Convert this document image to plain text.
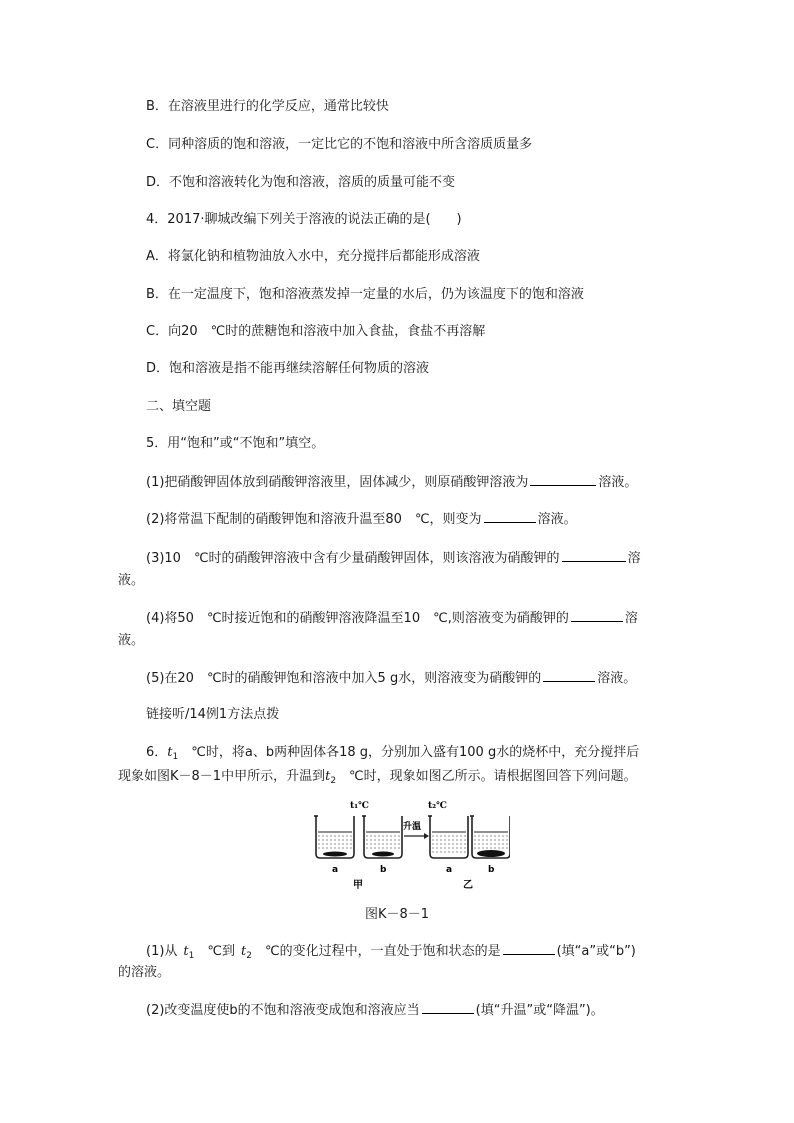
B．在溶液里进行的化学反应，通常比较快
C．同种溶质的饱和溶液，一定比它的不饱和溶液中所含溶质质量多
D．不饱和溶液转化为饱和溶液，溶质的质量可能不变
4．2017·聊城改编下列关于溶液的说法正确的是(　　)
A．将氯化钠和植物油放入水中，充分搅拌后都能形成溶液
B．在一定温度下，饱和溶液蒸发掉一定量的水后，仍为该温度下的饱和溶液
C．向20　℃时的蔗糖饱和溶液中加入食盐，食盐不再溶解
D．饱和溶液是指不能再继续溶解任何物质的溶液
二、填空题
5．用“饱和”或“不饱和”填空。
(1)把硝酸钾固体放到硝酸钾溶液里，固体减少，则原硝酸钾溶液为	溶液。
(2)将常温下配制的硝酸钾饱和溶液升温至80　℃，则变为	溶液。
(3)10　℃时的硝酸钾溶液中含有少量硝酸钾固体，则该溶液为硝酸钾的	溶
液。
(4)将50　℃时接近饱和的硝酸钾溶液降温至10　℃,则溶液变为硝酸钾的	溶
液。
(5)在20　℃时的硝酸钾饱和溶液中加入5 g水，则溶液变为硝酸钾的	溶液。
链接听/14例1方法点拨
6．$t_1$　℃时，将a、b两种固体各18 g，分别加入盛有100 g水的烧杯中，充分搅拌后
现象如图K－8－1中甲所示，升温到$t_2$　℃时，现象如图乙所示。请根据图回答下列问题。
t₁℃	t₂℃
升温
a	b	a	b
甲	乙
图K－8－1
(1)从 $t_1$　℃到 $t_2$　℃的变化过程中，一直处于饱和状态的是	(填“a”或“b”)
的溶液。
(2)改变温度使b的不饱和溶液变成饱和溶液应当	(填“升温”或“降温”)。
